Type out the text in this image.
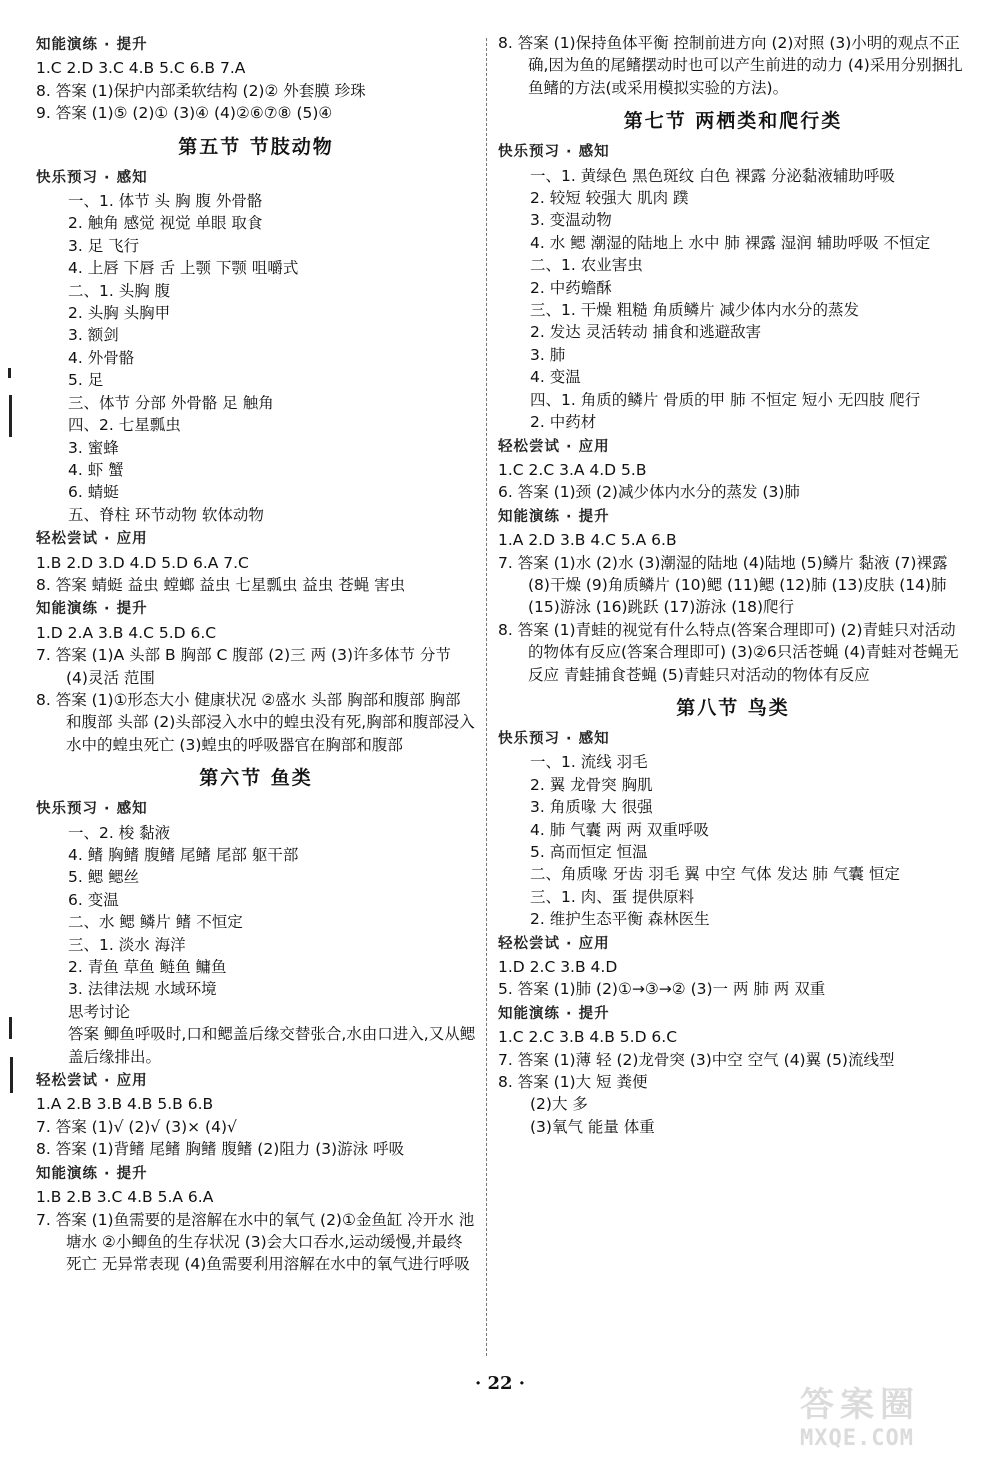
知能演练 · 提升
1.C 2.D 3.C 4.B 5.C 6.B 7.A
8. 答案 (1)保护内部柔软结构 (2)② 外套膜 珍珠
9. 答案 (1)⑤ (2)① (3)④ (4)②⑥⑦⑧ (5)④
第五节 节肢动物
快乐预习 · 感知
一、1. 体节 头 胸 腹 外骨骼
2. 触角 感觉 视觉 单眼 取食
3. 足 飞行
4. 上唇 下唇 舌 上颚 下颚 咀嚼式
二、1. 头胸 腹
2. 头胸 头胸甲
3. 额剑
4. 外骨骼
5. 足
三、体节 分部 外骨骼 足 触角
四、2. 七星瓢虫
3. 蜜蜂
4. 虾 蟹
6. 蜻蜓
五、脊柱 环节动物 软体动物
轻松尝试 · 应用
1.B 2.D 3.D 4.D 5.D 6.A 7.C
8. 答案 蜻蜓 益虫 螳螂 益虫 七星瓢虫 益虫 苍蝇 害虫
知能演练 · 提升
1.D 2.A 3.B 4.C 5.D 6.C
7. 答案 (1)A 头部 B 胸部 C 腹部 (2)三 两 (3)许多体节 分节 (4)灵活 范围
8. 答案 (1)①形态大小 健康状况 ②盛水 头部 胸部和腹部 胸部和腹部 头部 (2)头部浸入水中的蝗虫没有死,胸部和腹部浸入水中的蝗虫死亡 (3)蝗虫的呼吸器官在胸部和腹部
第六节 鱼类
快乐预习 · 感知
一、2. 梭 黏液
4. 鳍 胸鳍 腹鳍 尾鳍 尾部 躯干部
5. 鳃 鳃丝
6. 变温
二、水 鳃 鳞片 鳍 不恒定
三、1. 淡水 海洋
2. 青鱼 草鱼 鲢鱼 鳙鱼
3. 法律法规 水域环境
思考讨论
答案 鲫鱼呼吸时,口和鳃盖后缘交替张合,水由口进入,又从鳃盖后缘排出。
轻松尝试 · 应用
1.A 2.B 3.B 4.B 5.B 6.B
7. 答案 (1)√ (2)√ (3)× (4)√
8. 答案 (1)背鳍 尾鳍 胸鳍 腹鳍 (2)阻力 (3)游泳 呼吸
知能演练 · 提升
1.B 2.B 3.C 4.B 5.A 6.A
7. 答案 (1)鱼需要的是溶解在水中的氧气 (2)①金鱼缸 冷开水 池塘水 ②小鲫鱼的生存状况 (3)会大口吞水,运动缓慢,并最终死亡 无异常表现 (4)鱼需要利用溶解在水中的氧气进行呼吸
8. 答案 (1)保持鱼体平衡 控制前进方向 (2)对照 (3)小明的观点不正确,因为鱼的尾鳍摆动时也可以产生前进的动力 (4)采用分别捆扎鱼鳍的方法(或采用模拟实验的方法)。
第七节 两栖类和爬行类
快乐预习 · 感知
一、1. 黄绿色 黑色斑纹 白色 裸露 分泌黏液辅助呼吸
2. 较短 较强大 肌肉 蹼
3. 变温动物
4. 水 鳃 潮湿的陆地上 水中 肺 裸露 湿润 辅助呼吸 不恒定
二、1. 农业害虫
2. 中药蟾酥
三、1. 干燥 粗糙 角质鳞片 减少体内水分的蒸发
2. 发达 灵活转动 捕食和逃避敌害
3. 肺
4. 变温
四、1. 角质的鳞片 骨质的甲 肺 不恒定 短小 无四肢 爬行
2. 中药材
轻松尝试 · 应用
1.C 2.C 3.A 4.D 5.B
6. 答案 (1)颈 (2)减少体内水分的蒸发 (3)肺
知能演练 · 提升
1.A 2.D 3.B 4.C 5.A 6.B
7. 答案 (1)水 (2)水 (3)潮湿的陆地 (4)陆地 (5)鳞片 黏液 (7)裸露 (8)干燥 (9)角质鳞片 (10)鳃 (11)鳃 (12)肺 (13)皮肤 (14)肺 (15)游泳 (16)跳跃 (17)游泳 (18)爬行
8. 答案 (1)青蛙的视觉有什么特点(答案合理即可) (2)青蛙只对活动的物体有反应(答案合理即可) (3)②6只活苍蝇 (4)青蛙对苍蝇无反应 青蛙捕食苍蝇 (5)青蛙只对活动的物体有反应
第八节 鸟类
快乐预习 · 感知
一、1. 流线 羽毛
2. 翼 龙骨突 胸肌
3. 角质喙 大 很强
4. 肺 气囊 两 两 双重呼吸
5. 高而恒定 恒温
二、角质喙 牙齿 羽毛 翼 中空 气体 发达 肺 气囊 恒定
三、1. 肉、蛋 提供原料
2. 维护生态平衡 森林医生
轻松尝试 · 应用
1.D 2.C 3.B 4.D
5. 答案 (1)肺 (2)①→③→② (3)一 两 肺 两 双重
知能演练 · 提升
1.C 2.C 3.B 4.B 5.D 6.C
7. 答案 (1)薄 轻 (2)龙骨突 (3)中空 空气 (4)翼 (5)流线型
8. 答案 (1)大 短 粪便
(2)大 多
(3)氧气 能量 体重
· 22 ·
答案圈
MXQE.COM
